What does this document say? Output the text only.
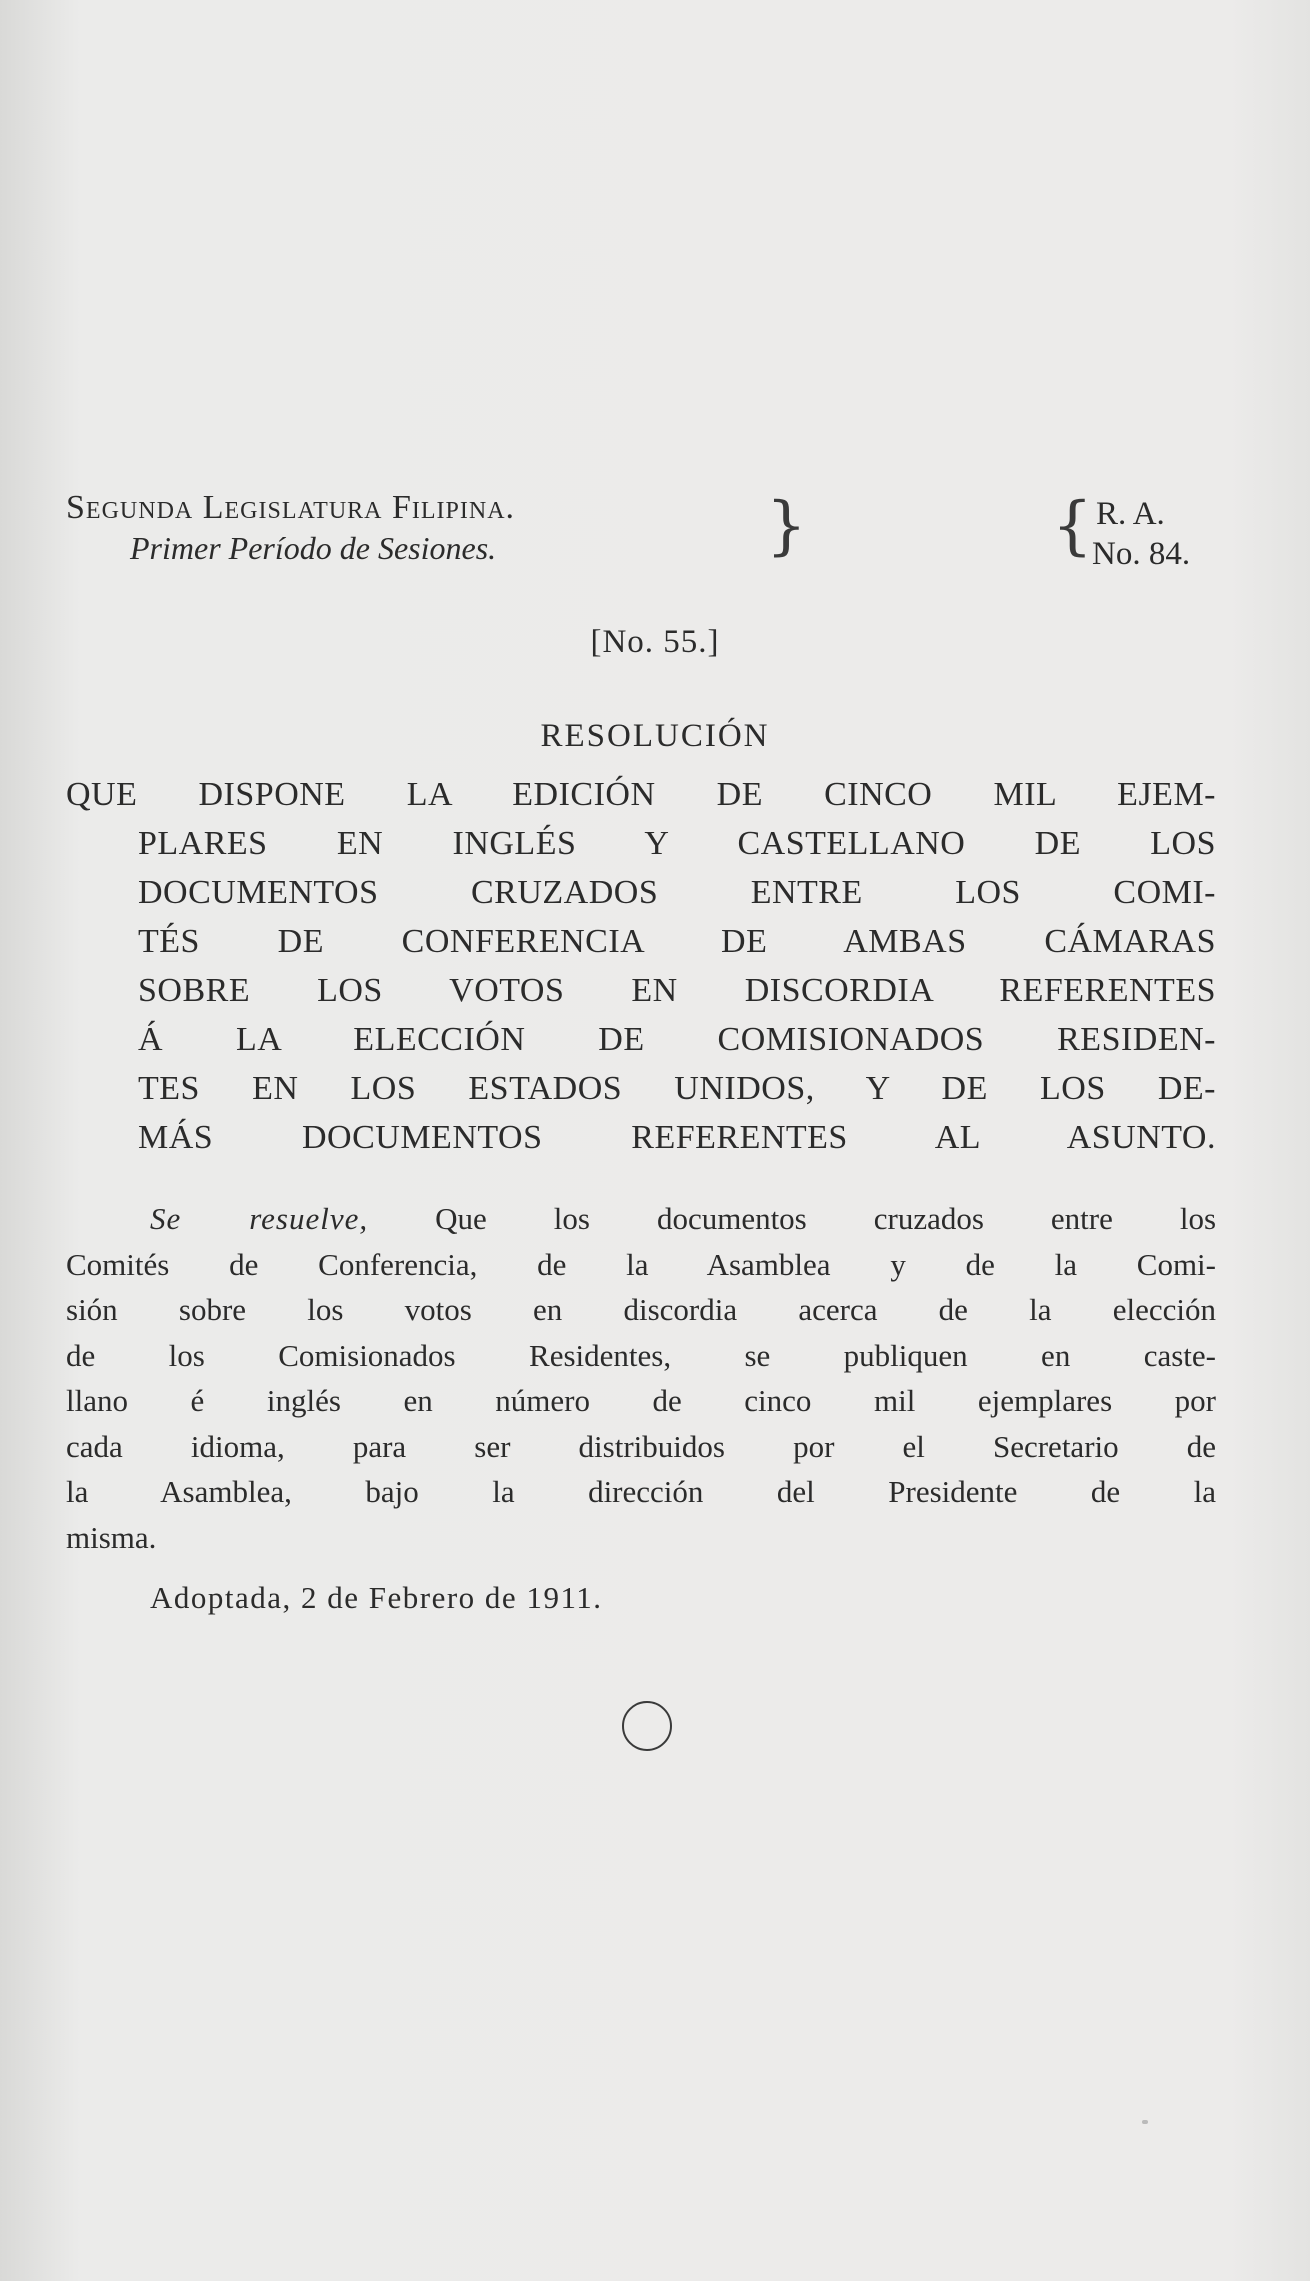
Segunda Legislatura Filipina.
Primer Período de Sesiones.	}	{ R. A.
No. 84.
[No. 55.]
RESOLUCIÓN
QUE DISPONE LA EDICIÓN DE CINCO MIL EJEM-
PLARES EN INGLÉS Y CASTELLANO DE LOS
DOCUMENTOS CRUZADOS ENTRE LOS COMI-
TÉS DE CONFERENCIA DE AMBAS CÁMARAS
SOBRE LOS VOTOS EN DISCORDIA REFERENTES
Á LA ELECCIÓN DE COMISIONADOS RESIDEN-
TES EN LOS ESTADOS UNIDOS, Y DE LOS DE-
MÁS DOCUMENTOS REFERENTES AL ASUNTO.
Se resuelve, Que los documentos cruzados entre los
Comités de Conferencia, de la Asamblea y de la Comi-
sión sobre los votos en discordia acerca de la elección
de los Comisionados Residentes, se publiquen en caste-
llano é inglés en número de cinco mil ejemplares por
cada idioma, para ser distribuidos por el Secretario de
la Asamblea, bajo la dirección del Presidente de la
misma.
Adoptada, 2 de Febrero de 1911.
